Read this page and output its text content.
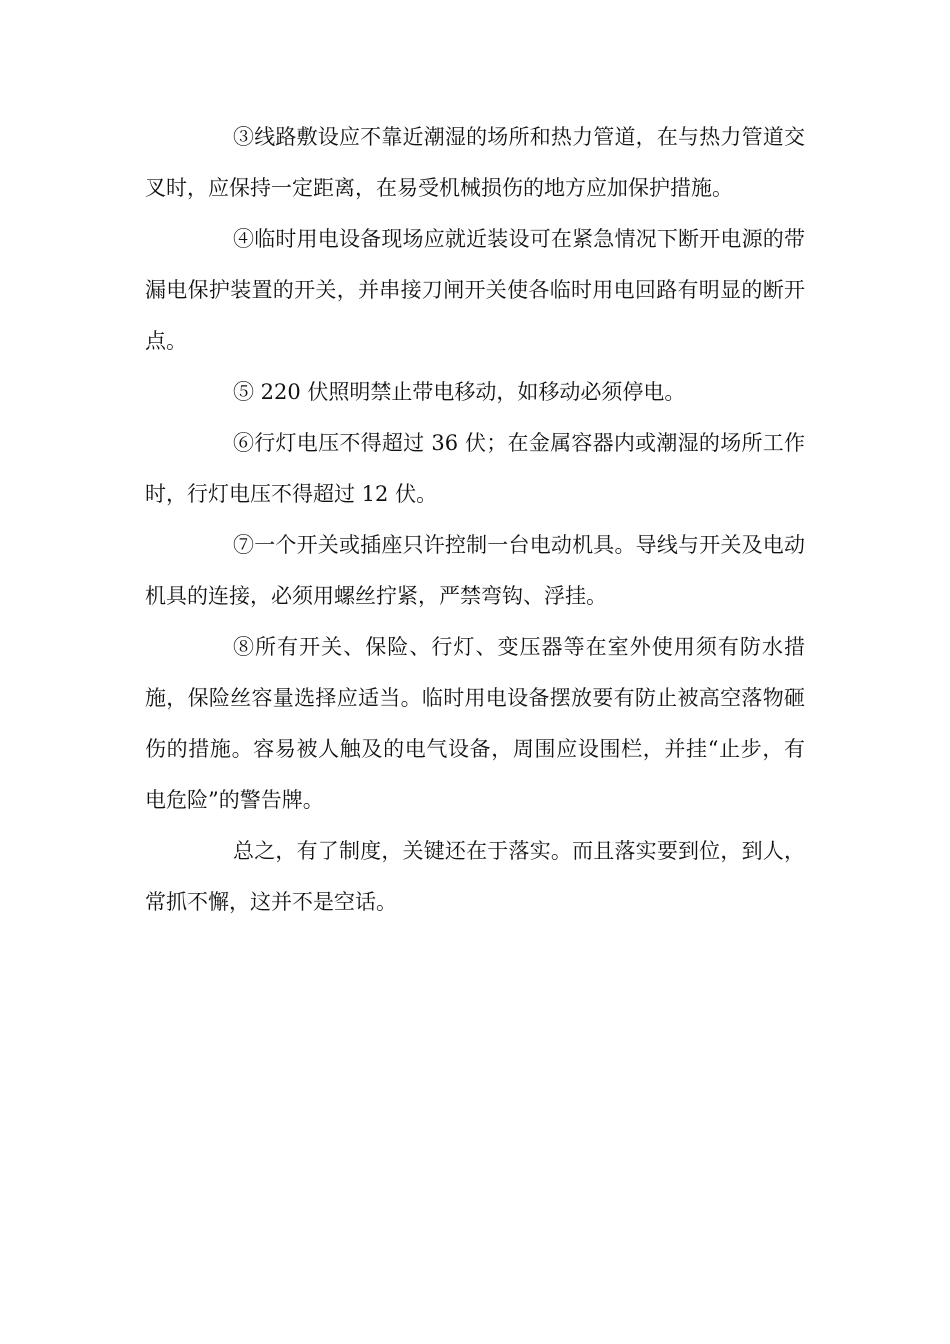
③线路敷设应不靠近潮湿的场所和热力管道，在与热力管道交叉时，应保持一定距离，在易受机械损伤的地方应加保护措施。

④临时用电设备现场应就近装设可在紧急情况下断开电源的带漏电保护装置的开关，并串接刀闸开关使各临时用电回路有明显的断开点。

⑤ 220 伏照明禁止带电移动，如移动必须停电。

⑥行灯电压不得超过 36 伏；在金属容器内或潮湿的场所工作时，行灯电压不得超过 12 伏。

⑦一个开关或插座只许控制一台电动机具。导线与开关及电动机具的连接，必须用螺丝拧紧，严禁弯钩、浮挂。

⑧所有开关、保险、行灯、变压器等在室外使用须有防水措施，保险丝容量选择应适当。临时用电设备摆放要有防止被高空落物砸伤的措施。容易被人触及的电气设备，周围应设围栏，并挂“止步，有电危险”的警告牌。

总之，有了制度，关键还在于落实。而且落实要到位，到人，常抓不懈，这并不是空话。
